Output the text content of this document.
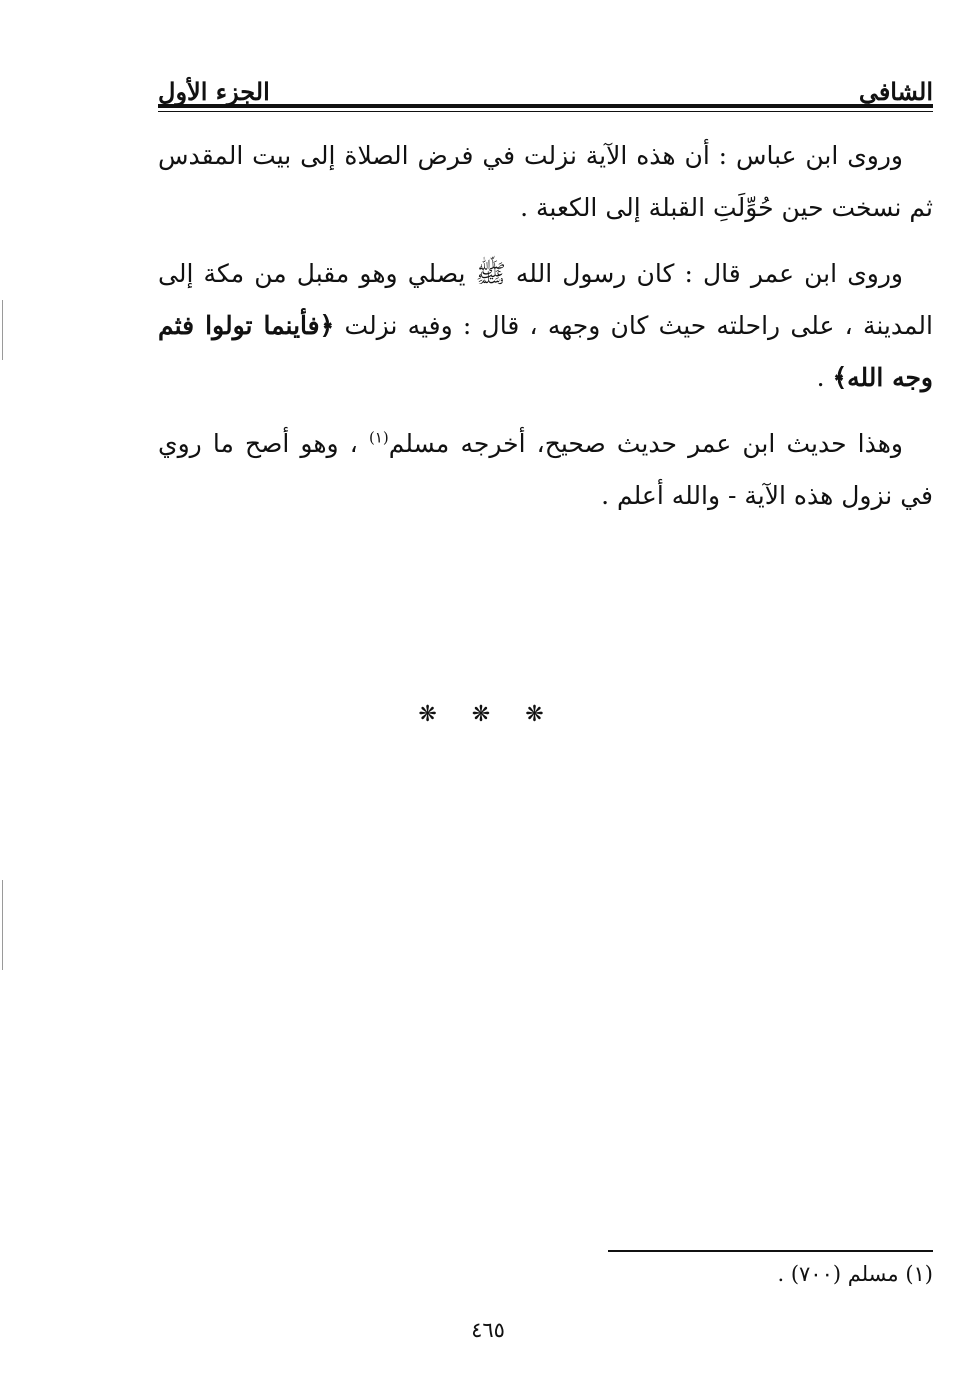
الشافي
الجزء الأول

وروى ابن عباس : أن هذه الآية نزلت في فرض الصلاة إلى بيت المقدس ثم نسخت حين حُوِّلَتِ القبلة إلى الكعبة .

وروى ابن عمر قال : كان رسول الله ﷺ يصلي وهو مقبل من مكة إلى المدينة ، على راحلته حيث كان وجهه ، قال : وفيه نزلت ﴿فأينما تولوا فثم وجه الله﴾ .

وهذا حديث ابن عمر حديث صحيح، أخرجه مسلم$^{(١)}$ ، وهو أصح ما روي في نزول هذه الآية - والله أعلم .

❋ ❋ ❋
(١) مسلم (٧٠٠) .
٤٦٥
